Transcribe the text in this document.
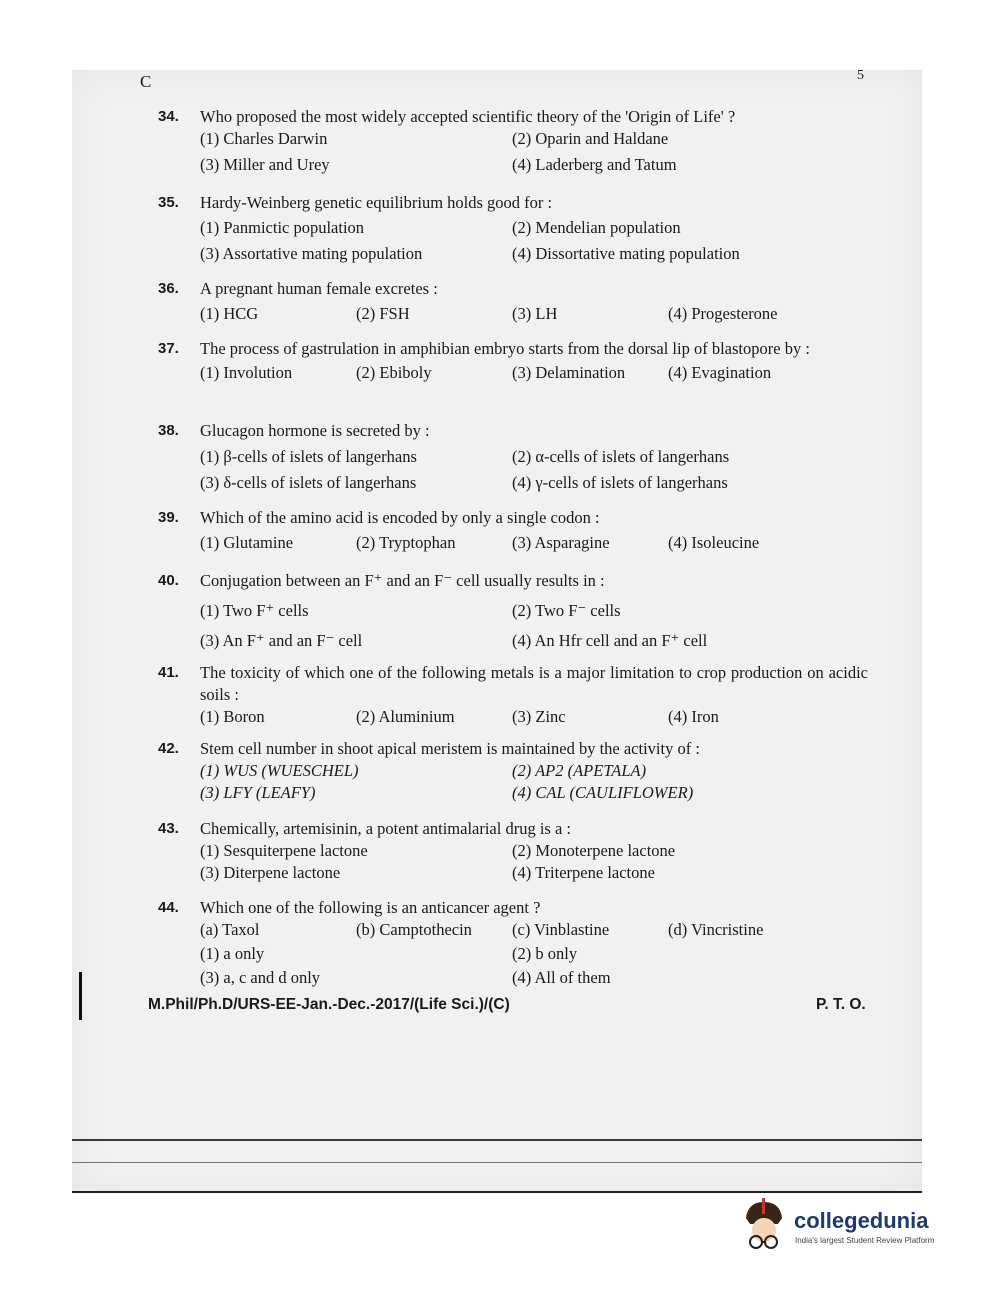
C	5
34. Who proposed the most widely accepted scientific theory of the 'Origin of Life' ?
(1) Charles Darwin	(2) Oparin and Haldane
(3) Miller and Urey	(4) Laderberg and Tatum
35. Hardy-Weinberg genetic equilibrium holds good for :
(1) Panmictic population	(2) Mendelian population
(3) Assortative mating population	(4) Dissortative mating population
36. A pregnant human female excretes :
(1) HCG	(2) FSH	(3) LH	(4) Progesterone
37. The process of gastrulation in amphibian embryo starts from the dorsal lip of blastopore by :
(1) Involution	(2) Ebiboly	(3) Delamination	(4) Evagination
38. Glucagon hormone is secreted by :
(1) β-cells of islets of langerhans	(2) α-cells of islets of langerhans
(3) δ-cells of islets of langerhans	(4) γ-cells of islets of langerhans
39. Which of the amino acid is encoded by only a single codon :
(1) Glutamine	(2) Tryptophan	(3) Asparagine	(4) Isoleucine
40. Conjugation between an F⁺ and an F⁻ cell usually results in :
(1) Two F⁺ cells	(2) Two F⁻ cells
(3) An F⁺ and an F⁻ cell	(4) An Hfr cell and an F⁺ cell
41. The toxicity of which one of the following metals is a major limitation to crop production on acidic soils :
(1) Boron	(2) Aluminium	(3) Zinc	(4) Iron
42. Stem cell number in shoot apical meristem is maintained by the activity of :
(1) WUS (WUESCHEL)	(2) AP2 (APETALA)
(3) LFY (LEAFY)	(4) CAL (CAULIFLOWER)
43. Chemically, artemisinin, a potent antimalarial drug is a :
(1) Sesquiterpene lactone	(2) Monoterpene lactone
(3) Diterpene lactone	(4) Triterpene lactone
44. Which one of the following is an anticancer agent ?
(a) Taxol	(b) Camptothecin (c) Vinblastine	(d) Vincristine
(1) a only	(2) b only
(3) a, c and d only	(4) All of them
M.Phil/Ph.D/URS-EE-Jan.-Dec.-2017/(Life Sci.)/(C)	P. T. O.
collegedunia
India's largest Student Review Platform
